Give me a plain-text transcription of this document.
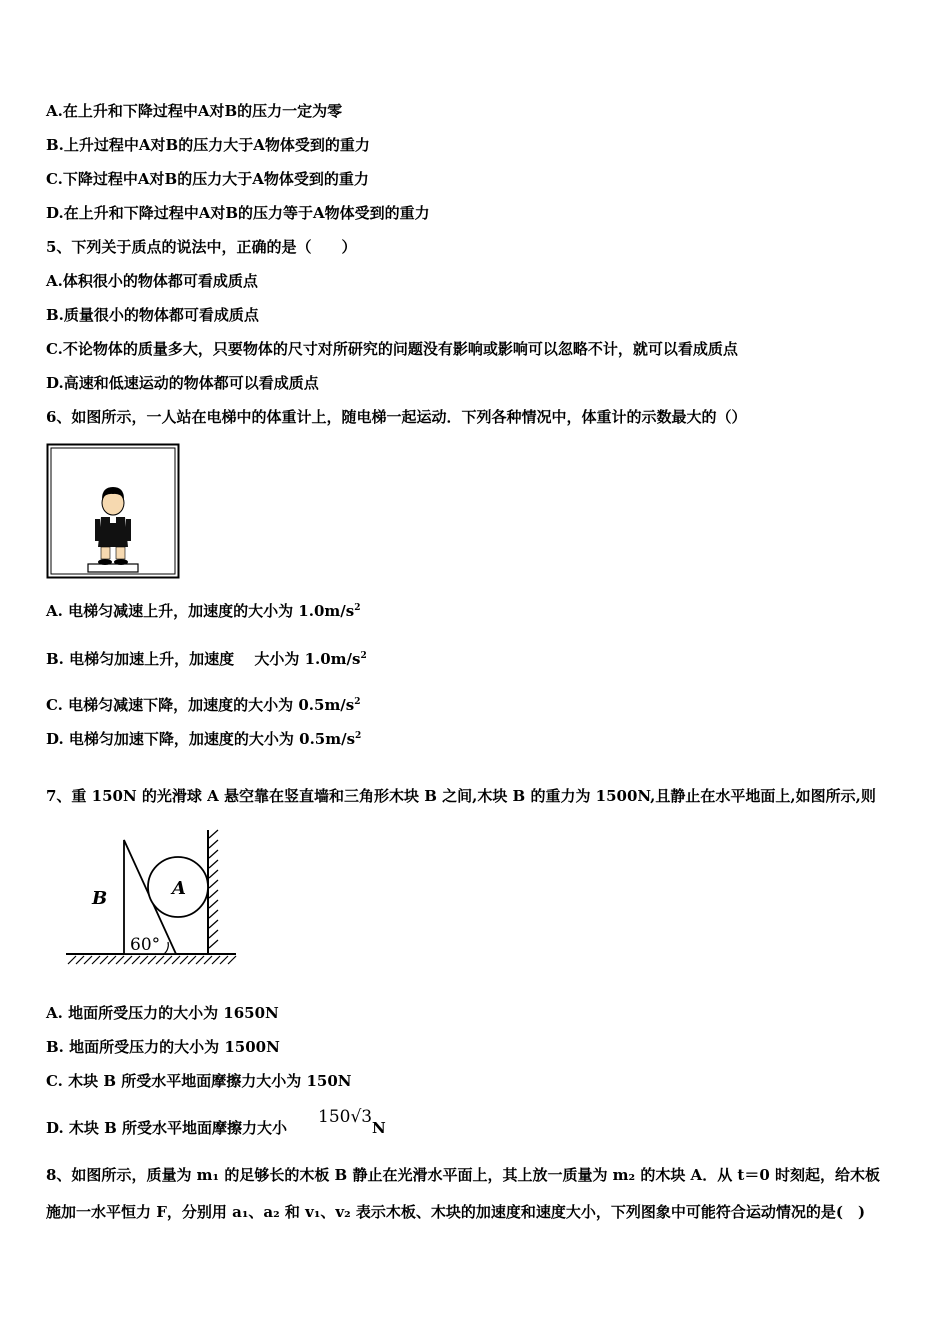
A.在上升和下降过程中A对B的压力一定为零
B.上升过程中A对B的压力大于A物体受到的重力
C.下降过程中A对B的压力大于A物体受到的重力
D.在上升和下降过程中A对B的压力等于A物体受到的重力
5、下列关于质点的说法中，正确的是（　　）
A.体积很小的物体都可看成质点
B.质量很小的物体都可看成质点
C.不论物体的质量多大，只要物体的尺寸对所研究的问题没有影响或影响可以忽略不计，就可以看成质点
D.高速和低速运动的物体都可以看成质点
6、如图所示，一人站在电梯中的体重计上，随电梯一起运动．下列各种情况中，体重计的示数最大的（）
A. 电梯匀减速上升，加速度的大小为 $1.0m/s^2$
B. 电梯匀加速上升，加速度　 大小为 $1.0m/s^2$
C. 电梯匀减速下降，加速度的大小为 $0.5m/s^2$
D. 电梯匀加速下降，加速度的大小为 $0.5m/s^2$
7、重 150N 的光滑球 A 悬空靠在竖直墙和三角形木块 B 之间,木块 B 的重力为 1500N,且静止在水平地面上,如图所示,则
B	A
60°
A. 地面所受压力的大小为 1650N
B. 地面所受压力的大小为 1500N
C. 木块 B 所受水平地面摩擦力大小为 150N
D. 木块 B 所受水平地面摩擦力大小
150√3
N
8、如图所示，质量为 m₁ 的足够长的木板 B 静止在光滑水平面上，其上放一质量为 m₂ 的木块 A．从 t＝0 时刻起，给木板
施加一水平恒力 F，分别用 a₁、a₂ 和 v₁、v₂ 表示木板、木块的加速度和速度大小，下列图象中可能符合运动情况的是(　)
